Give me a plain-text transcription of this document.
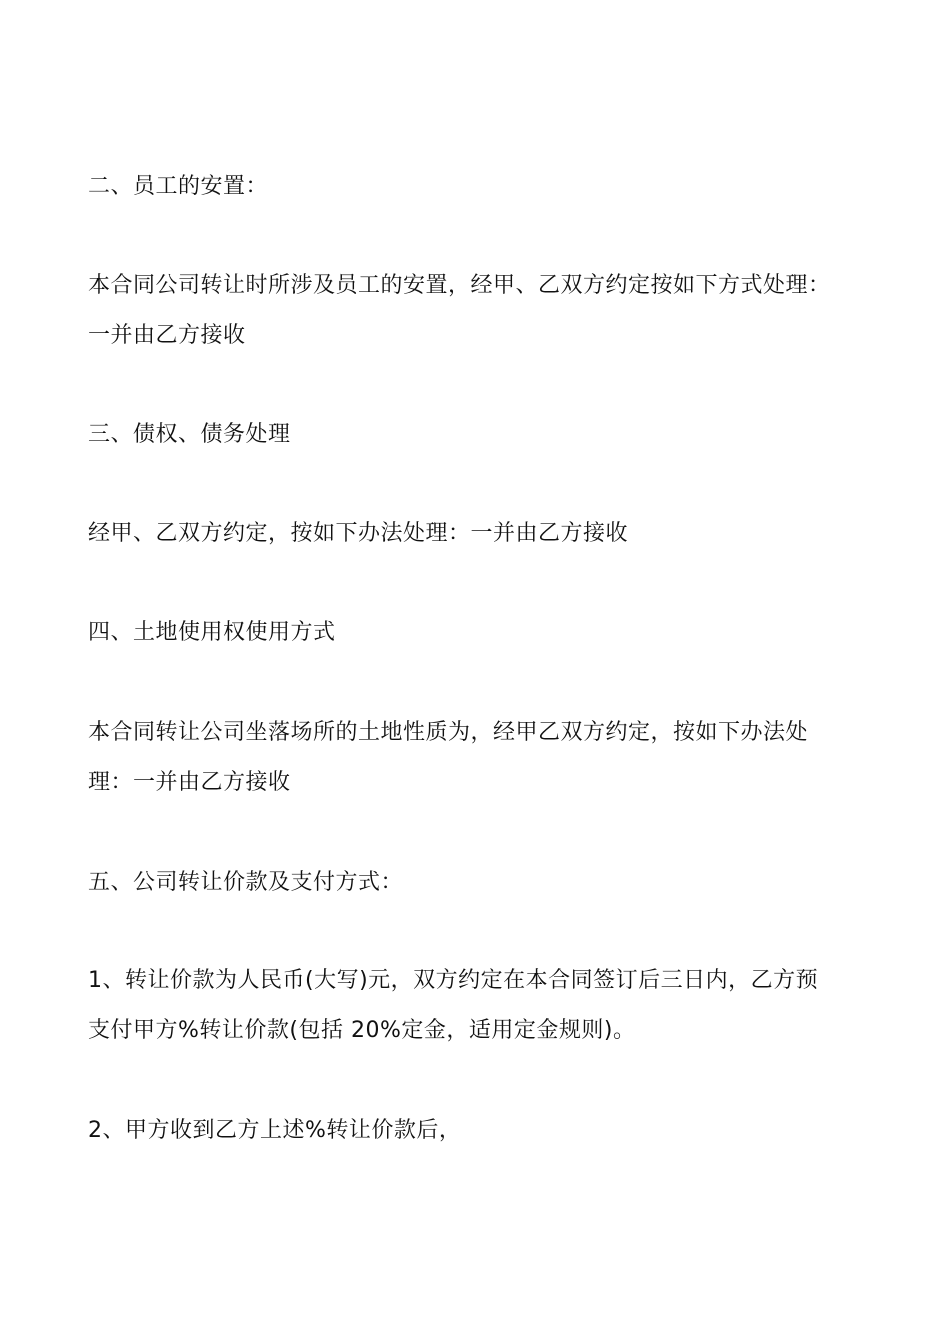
二、员工的安置：
本合同公司转让时所涉及员工的安置，经甲、乙双方约定按如下方式处理：
一并由乙方接收
三、债权、债务处理
经甲、乙双方约定，按如下办法处理：一并由乙方接收
四、土地使用权使用方式
本合同转让公司坐落场所的土地性质为，经甲乙双方约定，按如下办法处
理：一并由乙方接收
五、公司转让价款及支付方式：
1、转让价款为人民币(大写)元，双方约定在本合同签订后三日内，乙方预
支付甲方%转让价款(包括 20%定金，适用定金规则)。
2、甲方收到乙方上述%转让价款后，
